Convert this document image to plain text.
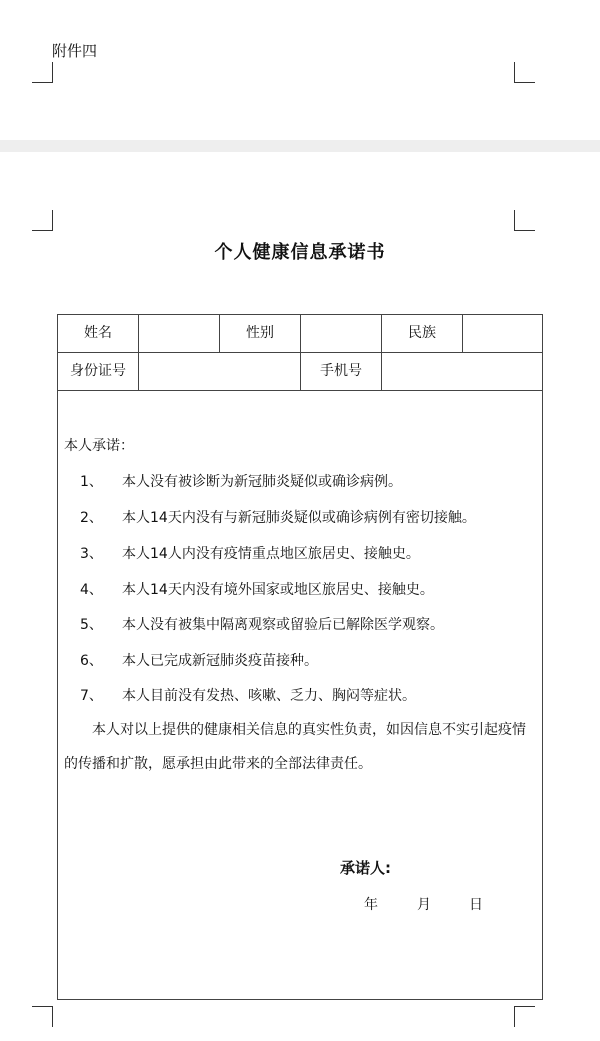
附件四
个人健康信息承诺书
姓名	性别	民族
身份证号	手机号
本人承诺：
1、 本人没有被诊断为新冠肺炎疑似或确诊病例。
2、 本人14天内没有与新冠肺炎疑似或确诊病例有密切接触。
3、 本人14人内没有疫情重点地区旅居史、接触史。
4、 本人14天内没有境外国家或地区旅居史、接触史。
5、 本人没有被集中隔离观察或留验后已解除医学观察。
6、 本人已完成新冠肺炎疫苗接种。
7、 本人目前没有发热、咳嗽、乏力、胸闷等症状。
本人对以上提供的健康相关信息的真实性负责，如因信息不实引起疫情的传播和扩散，愿承担由此带来的全部法律责任。
承诺人:
年	月	日
